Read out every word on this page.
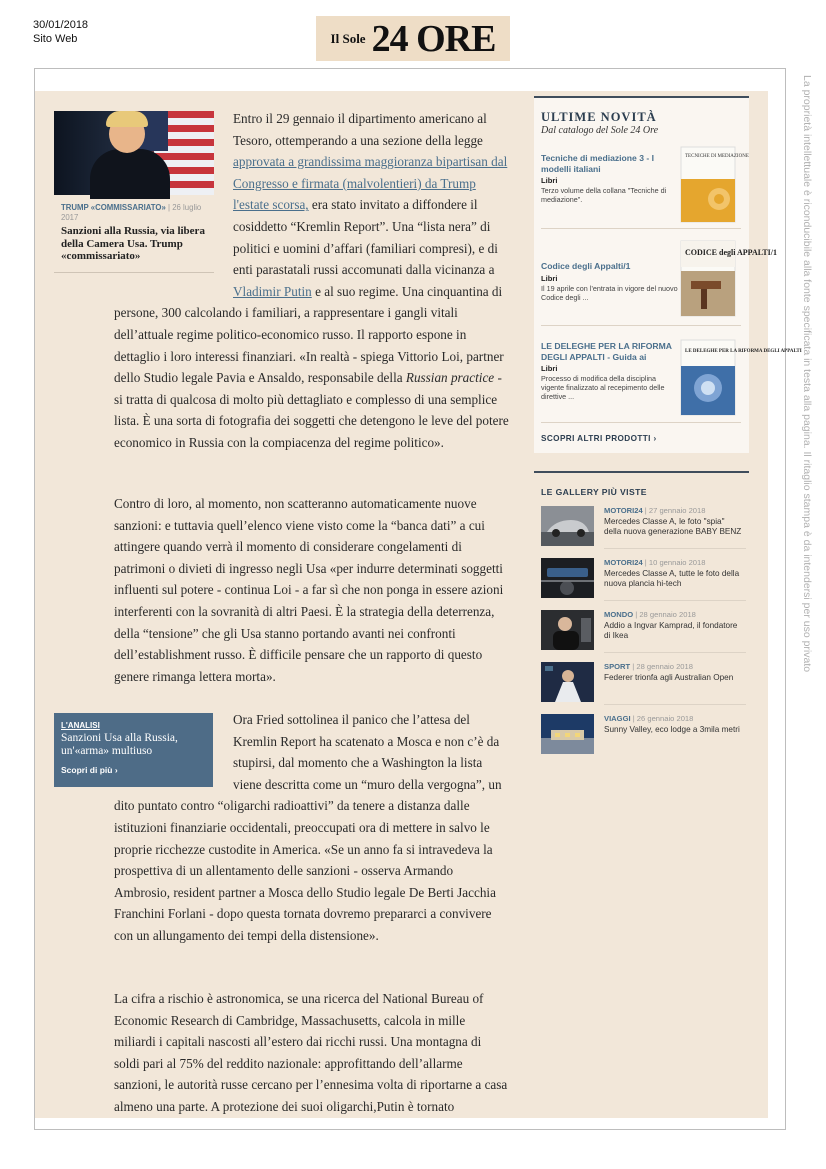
30/01/2018
Sito Web	Il Sole 24 ORE
TRUMP «COMMISSARIATO» | 26 luglio 2017
Sanzioni alla Russia, via libera della Camera Usa. Trump «commissariato»
Entro il 29 gennaio il dipartimento americano al Tesoro, ottemperando a una sezione della legge approvata a grandissima maggioranza bipartisan dal Congresso e firmata (malvolentieri) da Trump l'estate scorsa, era stato invitato a diffondere il cosiddetto “Kremlin Report”. Una “lista nera” di politici e uomini d’affari (familiari compresi), e di enti parastatali russi accomunati dalla vicinanza a Vladimir Putin e al suo regime. Una cinquantina di persone, 300 calcolando i familiari, a rappresentare i gangli vitali dell’attuale regime politico-economico russo. Il rapporto espone in dettaglio i loro interessi finanziari. «In realtà - spiega Vittorio Loi, partner dello Studio legale Pavia e Ansaldo, responsabile della Russian practice - si tratta di qualcosa di molto più dettagliato e complesso di una semplice lista. È una sorta di fotografia dei soggetti che detengono le leve del potere economico in Russia con la compiacenza del regime politico».
Contro di loro, al momento, non scatteranno automaticamente nuove sanzioni: e tuttavia quell’elenco viene visto come la “banca dati” a cui attingere quando verrà il momento di considerare congelamenti di patrimoni o divieti di ingresso negli Usa «per indurre determinati soggetti influenti sul potere - continua Loi - a far sì che non ponga in essere azioni interferenti con la sovranità di altri Paesi. È la strategia della deterrenza, della “tensione” che gli Usa stanno portando avanti nei confronti dell’establishment russo. È difficile pensare che un rapporto di questo genere rimanga lettera morta».
L'ANALISI
Sanzioni Usa alla Russia, un'«arma» multiuso
Scopri di più ›
Ora Fried sottolinea il panico che l’attesa del Kremlin Report ha scatenato a Mosca e non c’è da stupirsi, dal momento che a Washington la lista viene descritta come un “muro della vergogna”, un dito puntato contro “oligarchi radioattivi” da tenere a distanza dalle istituzioni finanziarie occidentali, preoccupati ora di mettere in salvo le proprie ricchezze custodite in America. «Se un anno fa si intravedeva la prospettiva di un allentamento delle sanzioni - osserva Armando Ambrosio, resident partner a Mosca dello Studio legale De Berti Jacchia Franchini Forlani - dopo questa tornata dovremo prepararci a convivere con un allungamento dei tempi della distensione».
La cifra a rischio è astronomica, se una ricerca del National Bureau of Economic Research di Cambridge, Massachusetts, calcola in mille miliardi i capitali nascosti all’estero dai ricchi russi. Una montagna di soldi pari al 75% del reddito nazionale: approfittando dell’allarme sanzioni, le autorità russe cercano per l’ennesima volta di riportarne a casa almeno una parte. A protezione dei suoi oligarchi,Putin è tornato
ULTIME NOVITÀ
Dal catalogo del Sole 24 Ore
Tecniche di mediazione 3 - I modelli italiani
Libri
Terzo volume della collana "Tecniche di mediazione".
TECNICHE DI MEDIAZIONE
Codice degli Appalti/1
Libri
Il 19 aprile con l’entrata in vigore del nuovo Codice degli ...
CODICE degli APPALTI/1
LE DELEGHE PER LA RIFORMA DEGLI APPALTI - Guida ai
Libri
Processo di modifica della disciplina vigente finalizzato al recepimento delle direttive ...
LE DELEGHE PER LA RIFORMA DEGLI APPALTI
SCOPRI ALTRI PRODOTTI ›
LE GALLERY PIÙ VISTE
MOTORI24 | 27 gennaio 2018
Mercedes Classe A, le foto "spia" della nuova generazione BABY BENZ
MOTORI24 | 10 gennaio 2018
Mercedes Classe A, tutte le foto della nuova plancia hi-tech
MONDO | 28 gennaio 2018
Addio a Ingvar Kamprad, il fondatore di Ikea
SPORT | 28 gennaio 2018
Federer trionfa agli Australian Open
VIAGGI | 26 gennaio 2018
Sunny Valley, eco lodge a 3mila metri
La proprietà intellettuale è riconducibile alla fonte specificata in testa alla pagina. Il ritaglio stampa è da intendersi per uso privato
